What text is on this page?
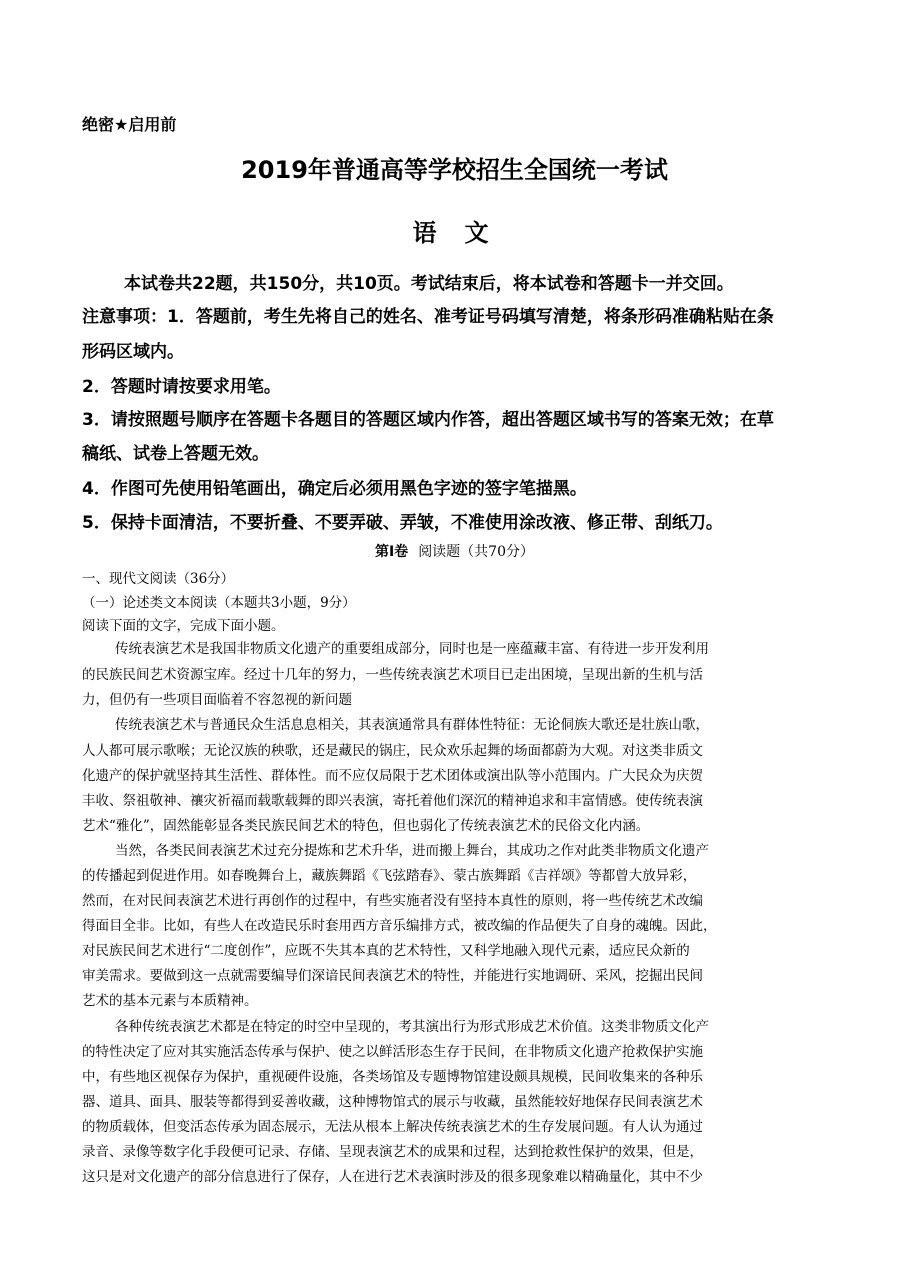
绝密★启用前
2019年普通高等学校招生全国统一考试
语文
本试卷共22题，共150分，共10页。考试结束后，将本试卷和答题卡一并交回。
注意事项：1．答题前，考生先将自己的姓名、准考证号码填写清楚，将条形码准确粘贴在条
形码区域内。
2．答题时请按要求用笔。
3．请按照题号顺序在答题卡各题目的答题区域内作答，超出答题区域书写的答案无效；在草
稿纸、试卷上答题无效。
4．作图可先使用铅笔画出，确定后必须用黑色字迹的签字笔描黑。
5．保持卡面清洁，不要折叠、不要弄破、弄皱，不准使用涂改液、修正带、刮纸刀。
第Ⅰ卷 阅读题（共70分）
一、现代文阅读（36分）
（一）论述类文本阅读（本题共3小题，9分）
阅读下面的文字，完成下面小题。
传统表演艺术是我国非物质文化遗产的重要组成部分，同时也是一座蕴藏丰富、有待进一步开发利用
的民族民间艺术资源宝库。经过十几年的努力，一些传统表演艺术项目已走出困境，呈现出新的生机与活
力，但仍有一些项目面临着不容忽视的新问题
传统表演艺术与普通民众生活息息相关，其表演通常具有群体性特征：无论侗族大歌还是壮族山歌，
人人都可展示歌喉；无论汉族的秧歌，还是藏民的锅庄，民众欢乐起舞的场面都蔚为大观。对这类非质文
化遗产的保护就坚持其生活性、群体性。而不应仅局限于艺术团体或演出队等小范围内。广大民众为庆贺
丰收、祭祖敬神、禳灾祈福而载歌载舞的即兴表演，寄托着他们深沉的精神追求和丰富情感。使传统表演
艺术“雅化”，固然能彰显各类民族民间艺术的特色，但也弱化了传统表演艺术的民俗文化内涵。
当然，各类民间表演艺术过充分提炼和艺术升华，进而搬上舞台，其成功之作对此类非物质文化遗产
的传播起到促进作用。如春晚舞台上，藏族舞蹈《飞弦踏春》、蒙古族舞蹈《吉祥颂》等都曾大放异彩，
然而，在对民间表演艺术进行再创作的过程中，有些实施者没有坚持本真性的原则，将一些传统艺术改编
得面目全非。比如，有些人在改造民乐时套用西方音乐编排方式，被改编的作品便失了自身的魂魄。因此，
对民族民间艺术进行“二度创作”，应既不失其本真的艺术特性，又科学地融入现代元素，适应民众新的
审美需求。要做到这一点就需要编导们深谙民间表演艺术的特性，并能进行实地调研、采风，挖掘出民间
艺术的基本元素与本质精神。
各种传统表演艺术都是在特定的时空中呈现的，考其演出行为形式形成艺术价值。这类非物质文化产
的特性决定了应对其实施活态传承与保护、使之以鲜活形态生存于民间，在非物质文化遗产抢救保护实施
中，有些地区视保存为保护，重视硬件设施，各类场馆及专题博物馆建设颇具规模，民间收集来的各种乐
器、道具、面具、服装等都得到妥善收藏，这种博物馆式的展示与收藏，虽然能较好地保存民间表演艺术
的物质载体，但变活态传承为固态展示，无法从根本上解决传统表演艺术的生存发展问题。有人认为通过
录音、录像等数字化手段便可记录、存储、呈现表演艺术的成果和过程，达到抢救性保护的效果，但是，
这只是对文化遗产的部分信息进行了保存，人在进行艺术表演时涉及的很多现象难以精确量化，其中不少
